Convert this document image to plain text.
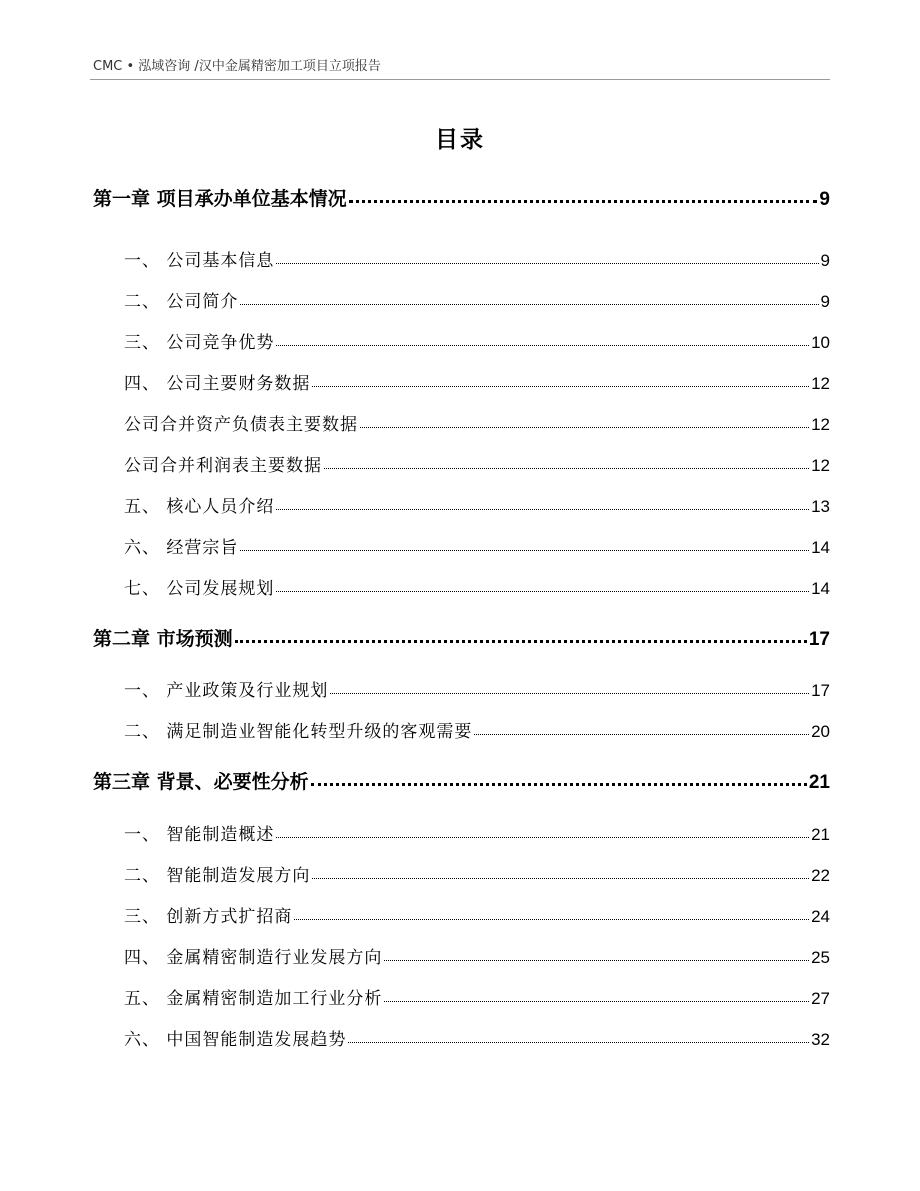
CMC • 泓域咨询 /汉中金属精密加工项目立项报告
目录
第一章 项目承办单位基本情况	9
一、 公司基本信息	9
二、 公司简介	9
三、 公司竞争优势	10
四、 公司主要财务数据	12
公司合并资产负债表主要数据	12
公司合并利润表主要数据	12
五、 核心人员介绍	13
六、 经营宗旨	14
七、 公司发展规划	14
第二章 市场预测	17
一、 产业政策及行业规划	17
二、 满足制造业智能化转型升级的客观需要	20
第三章 背景、必要性分析	21
一、 智能制造概述	21
二、 智能制造发展方向	22
三、 创新方式扩招商	24
四、 金属精密制造行业发展方向	25
五、 金属精密制造加工行业分析	27
六、 中国智能制造发展趋势	32
